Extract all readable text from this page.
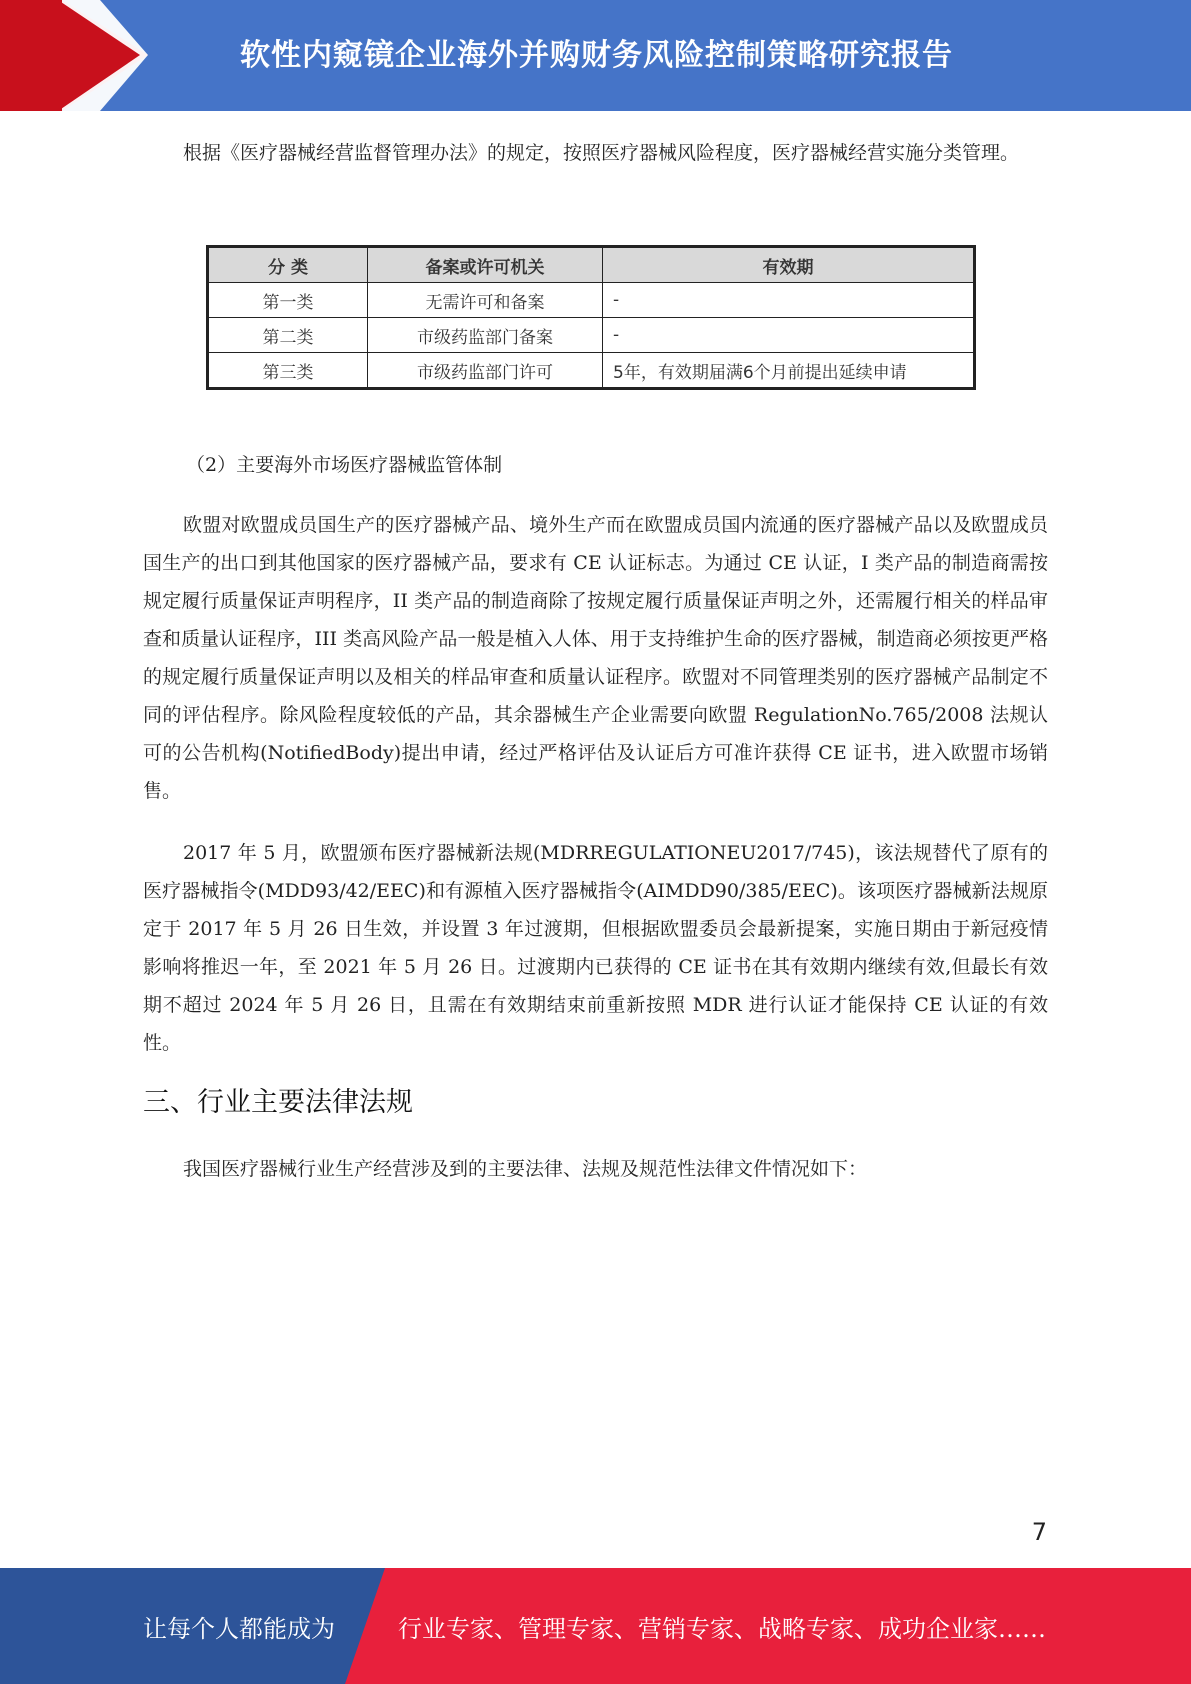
软性内窥镜企业海外并购财务风险控制策略研究报告
根据《医疗器械经营监督管理办法》的规定，按照医疗器械风险程度，医疗器械经营实施分类管理。
分 类	备案或许可机关	有效期
第一类	无需许可和备案	-
第二类	市级药监部门备案	-
第三类	市级药监部门许可	5年，有效期届满6个月前提出延续申请
（2）主要海外市场医疗器械监管体制
欧盟对欧盟成员国生产的医疗器械产品、境外生产而在欧盟成员国内流通的医疗器械产品以及欧盟成员国生产的出口到其他国家的医疗器械产品，要求有 CE 认证标志。为通过 CE 认证，I 类产品的制造商需按规定履行质量保证声明程序，II 类产品的制造商除了按规定履行质量保证声明之外，还需履行相关的样品审查和质量认证程序，III 类高风险产品一般是植入人体、用于支持维护生命的医疗器械，制造商必须按更严格的规定履行质量保证声明以及相关的样品审查和质量认证程序。欧盟对不同管理类别的医疗器械产品制定不同的评估程序。除风险程度较低的产品，其余器械生产企业需要向欧盟 RegulationNo.765/2008 法规认可的公告机构(NotifiedBody)提出申请，经过严格评估及认证后方可准许获得 CE 证书，进入欧盟市场销售。
2017 年 5 月，欧盟颁布医疗器械新法规(MDRREGULATIONEU2017/745)，该法规替代了原有的医疗器械指令(MDD93/42/EEC)和有源植入医疗器械指令(AIMDD90/385/EEC)。该项医疗器械新法规原定于 2017 年 5 月 26 日生效，并设置 3 年过渡期，但根据欧盟委员会最新提案，实施日期由于新冠疫情影响将推迟一年，至 2021 年 5 月 26 日。过渡期内已获得的 CE 证书在其有效期内继续有效,但最长有效期不超过 2024 年 5 月 26 日，且需在有效期结束前重新按照 MDR 进行认证才能保持 CE 认证的有效性。
三、行业主要法律法规
我国医疗器械行业生产经营涉及到的主要法律、法规及规范性法律文件情况如下：
7
让每个人都能成为	行业专家、管理专家、营销专家、战略专家、成功企业家……
